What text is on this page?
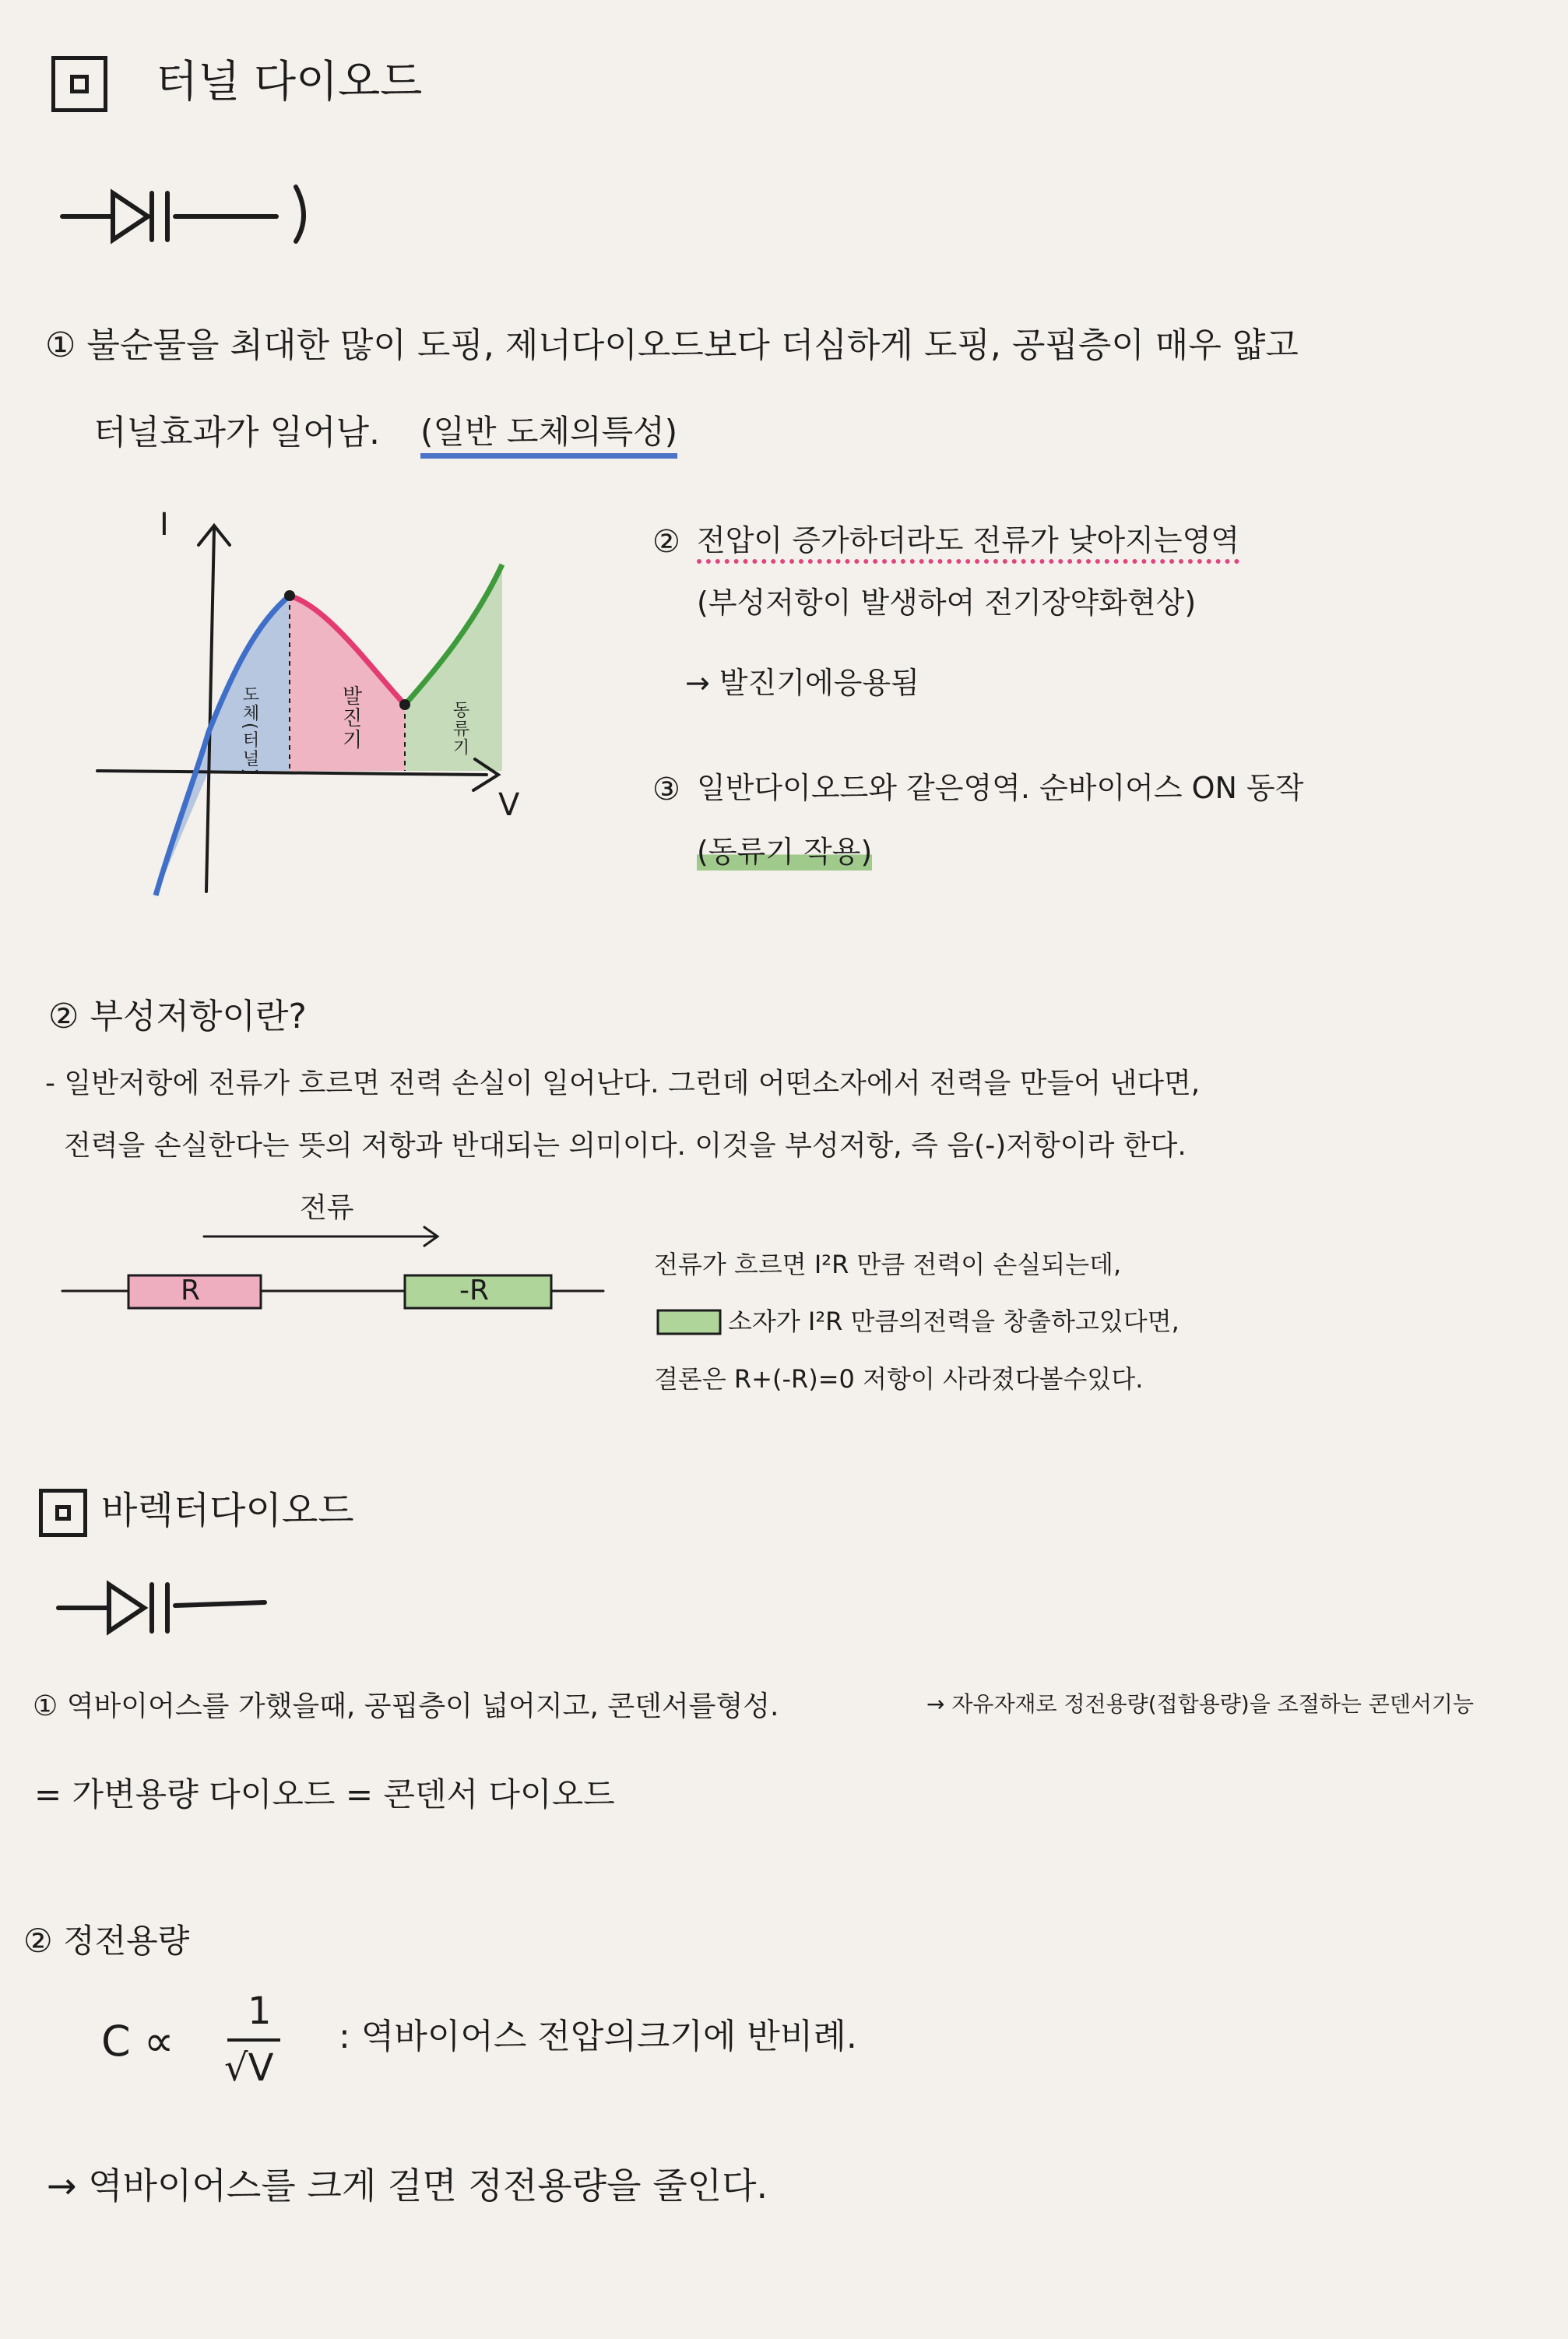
터널 다이오드
① 불순물을 최대한 많이 도핑, 제너다이오드보다 더심하게 도핑, 공핍층이 매우 얇고
터널효과가 일어남. (일반 도체의특성)
I
V
도체(터널)	발진기	동류기
② 전압이 증가하더라도 전류가 낮아지는영역
(부성저항이 발생하여 전기장약화현상)
→ 발진기에응용됨
③ 일반다이오드와 같은영역. 순바이어스 ON 동작
(동류기 작용)
② 부성저항이란?
- 일반저항에 전류가 흐르면 전력 손실이 일어난다. 그런데 어떤소자에서 전력을 만들어 낸다면,
전력을 손실한다는 뜻의 저항과 반대되는 의미이다. 이것을 부성저항, 즉 음(-)저항이라 한다.
전류
R	-R
전류가 흐르면 I²R 만큼 전력이 손실되는데,
소자가 I²R 만큼의전력을 창출하고있다면,
결론은 R+(-R)=0 저항이 사라졌다볼수있다.
바렉터다이오드
① 역바이어스를 가했을때, 공핍층이 넓어지고, 콘덴서를형성.	→ 자유자재로 정전용량(접합용량)을 조절하는 콘덴서기능
= 가변용량 다이오드 = 콘덴서 다이오드
② 정전용량
C ∝
1
√V
: 역바이어스 전압의크기에 반비례.
→ 역바이어스를 크게 걸면 정전용량을 줄인다.
